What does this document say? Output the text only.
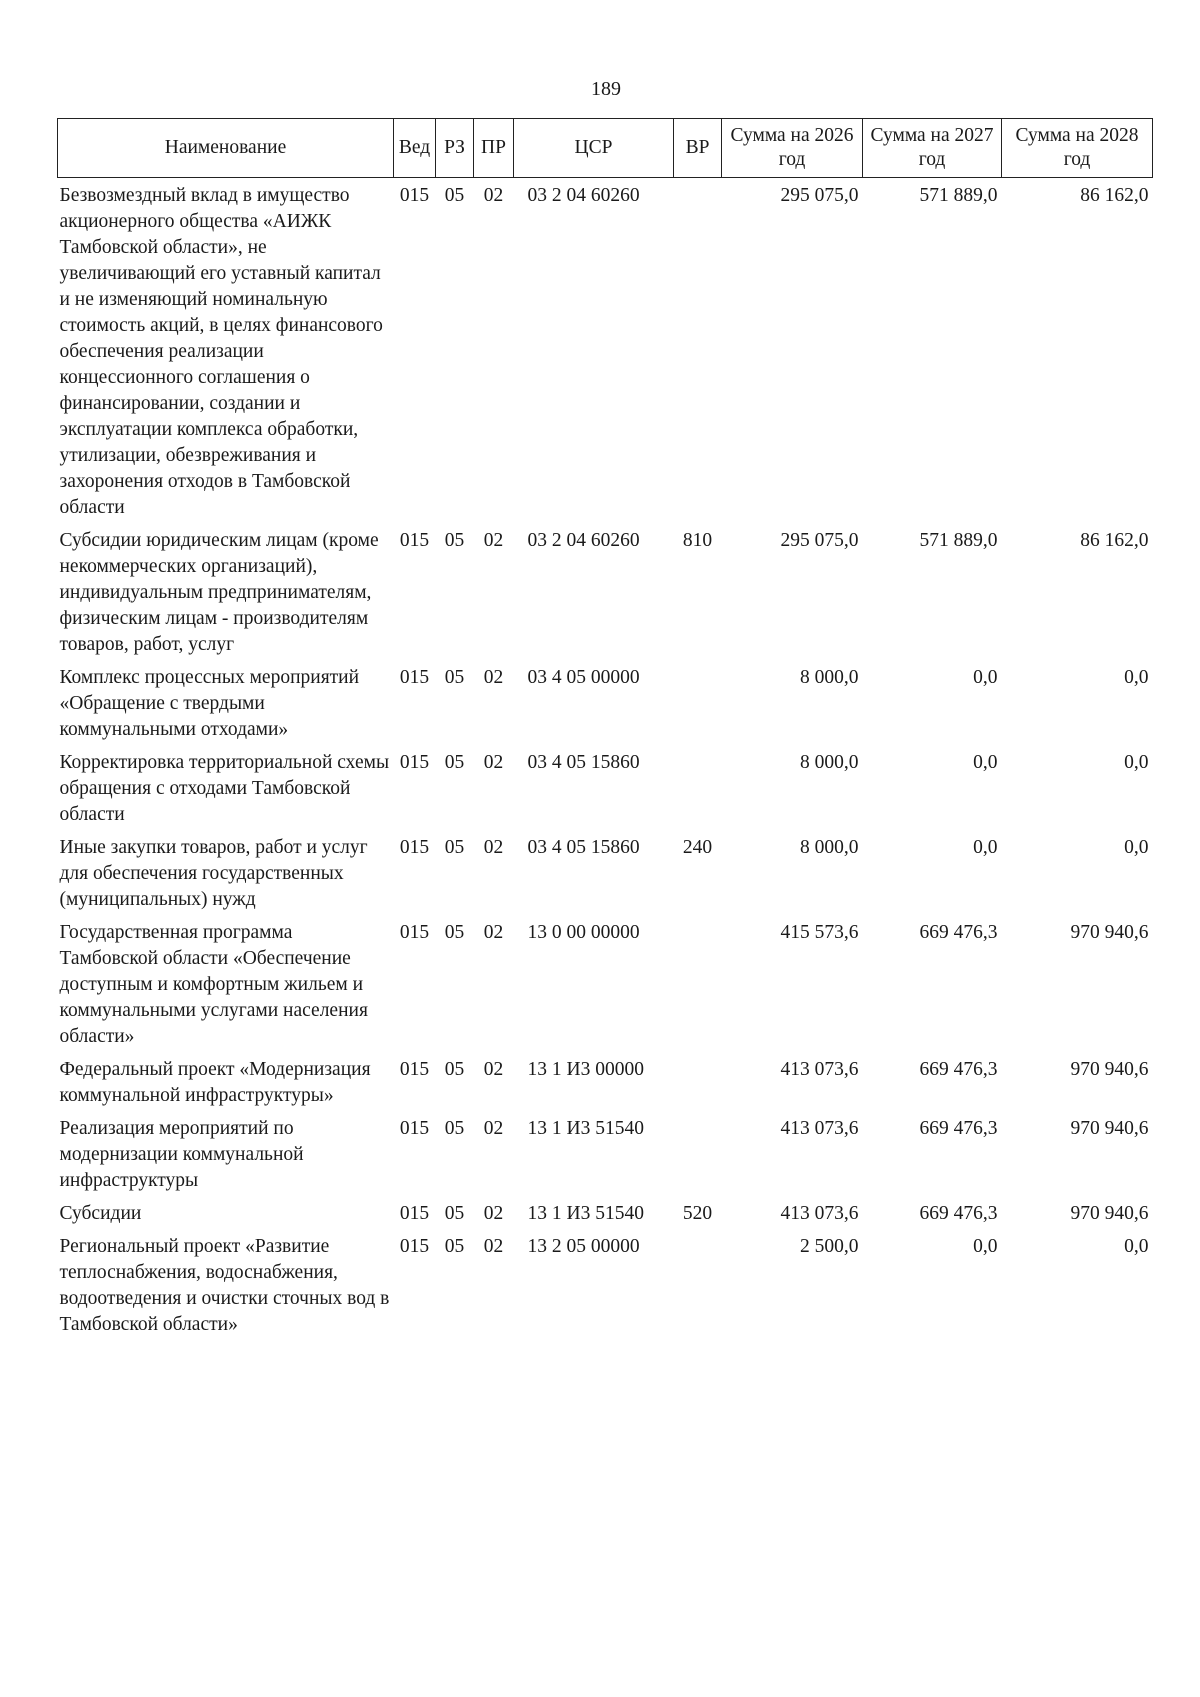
189
Наименование	Вед	РЗ	ПР	ЦСР	ВР	Сумма на 2026 год	Сумма на 2027 год	Сумма на 2028 год
Безвозмездный вклад в имущество акционерного общества «АИЖК Тамбовской области», не увеличивающий его уставный капитал и не изменяющий номинальную стоимость акций, в целях финансового обеспечения реализации концессионного соглашения о финансировании, создании и эксплуатации комплекса обработки, утилизации, обезвреживания и захоронения отходов в Тамбовской области	015	05	02	03 2 04 60260		295 075,0	571 889,0	86 162,0
Субсидии юридическим лицам (кроме некоммерческих организаций), индивидуальным предпринимателям, физическим лицам - производителям товаров, работ, услуг	015	05	02	03 2 04 60260	810	295 075,0	571 889,0	86 162,0
Комплекс процессных мероприятий «Обращение с твердыми коммунальными отходами»	015	05	02	03 4 05 00000		8 000,0	0,0	0,0
Корректировка территориальной схемы обращения с отходами Тамбовской области	015	05	02	03 4 05 15860		8 000,0	0,0	0,0
Иные закупки товаров, работ и услуг для обеспечения государственных (муниципальных) нужд	015	05	02	03 4 05 15860	240	8 000,0	0,0	0,0
Государственная программа Тамбовской области «Обеспечение доступным и комфортным жильем и коммунальными услугами населения области»	015	05	02	13 0 00 00000		415 573,6	669 476,3	970 940,6
Федеральный проект «Модернизация коммунальной инфраструктуры»	015	05	02	13 1 И3 00000		413 073,6	669 476,3	970 940,6
Реализация мероприятий по модернизации коммунальной инфраструктуры	015	05	02	13 1 И3 51540		413 073,6	669 476,3	970 940,6
Субсидии	015	05	02	13 1 И3 51540	520	413 073,6	669 476,3	970 940,6
Региональный проект «Развитие теплоснабжения, водоснабжения, водоотведения и очистки сточных вод в Тамбовской области»	015	05	02	13 2 05 00000		2 500,0	0,0	0,0
